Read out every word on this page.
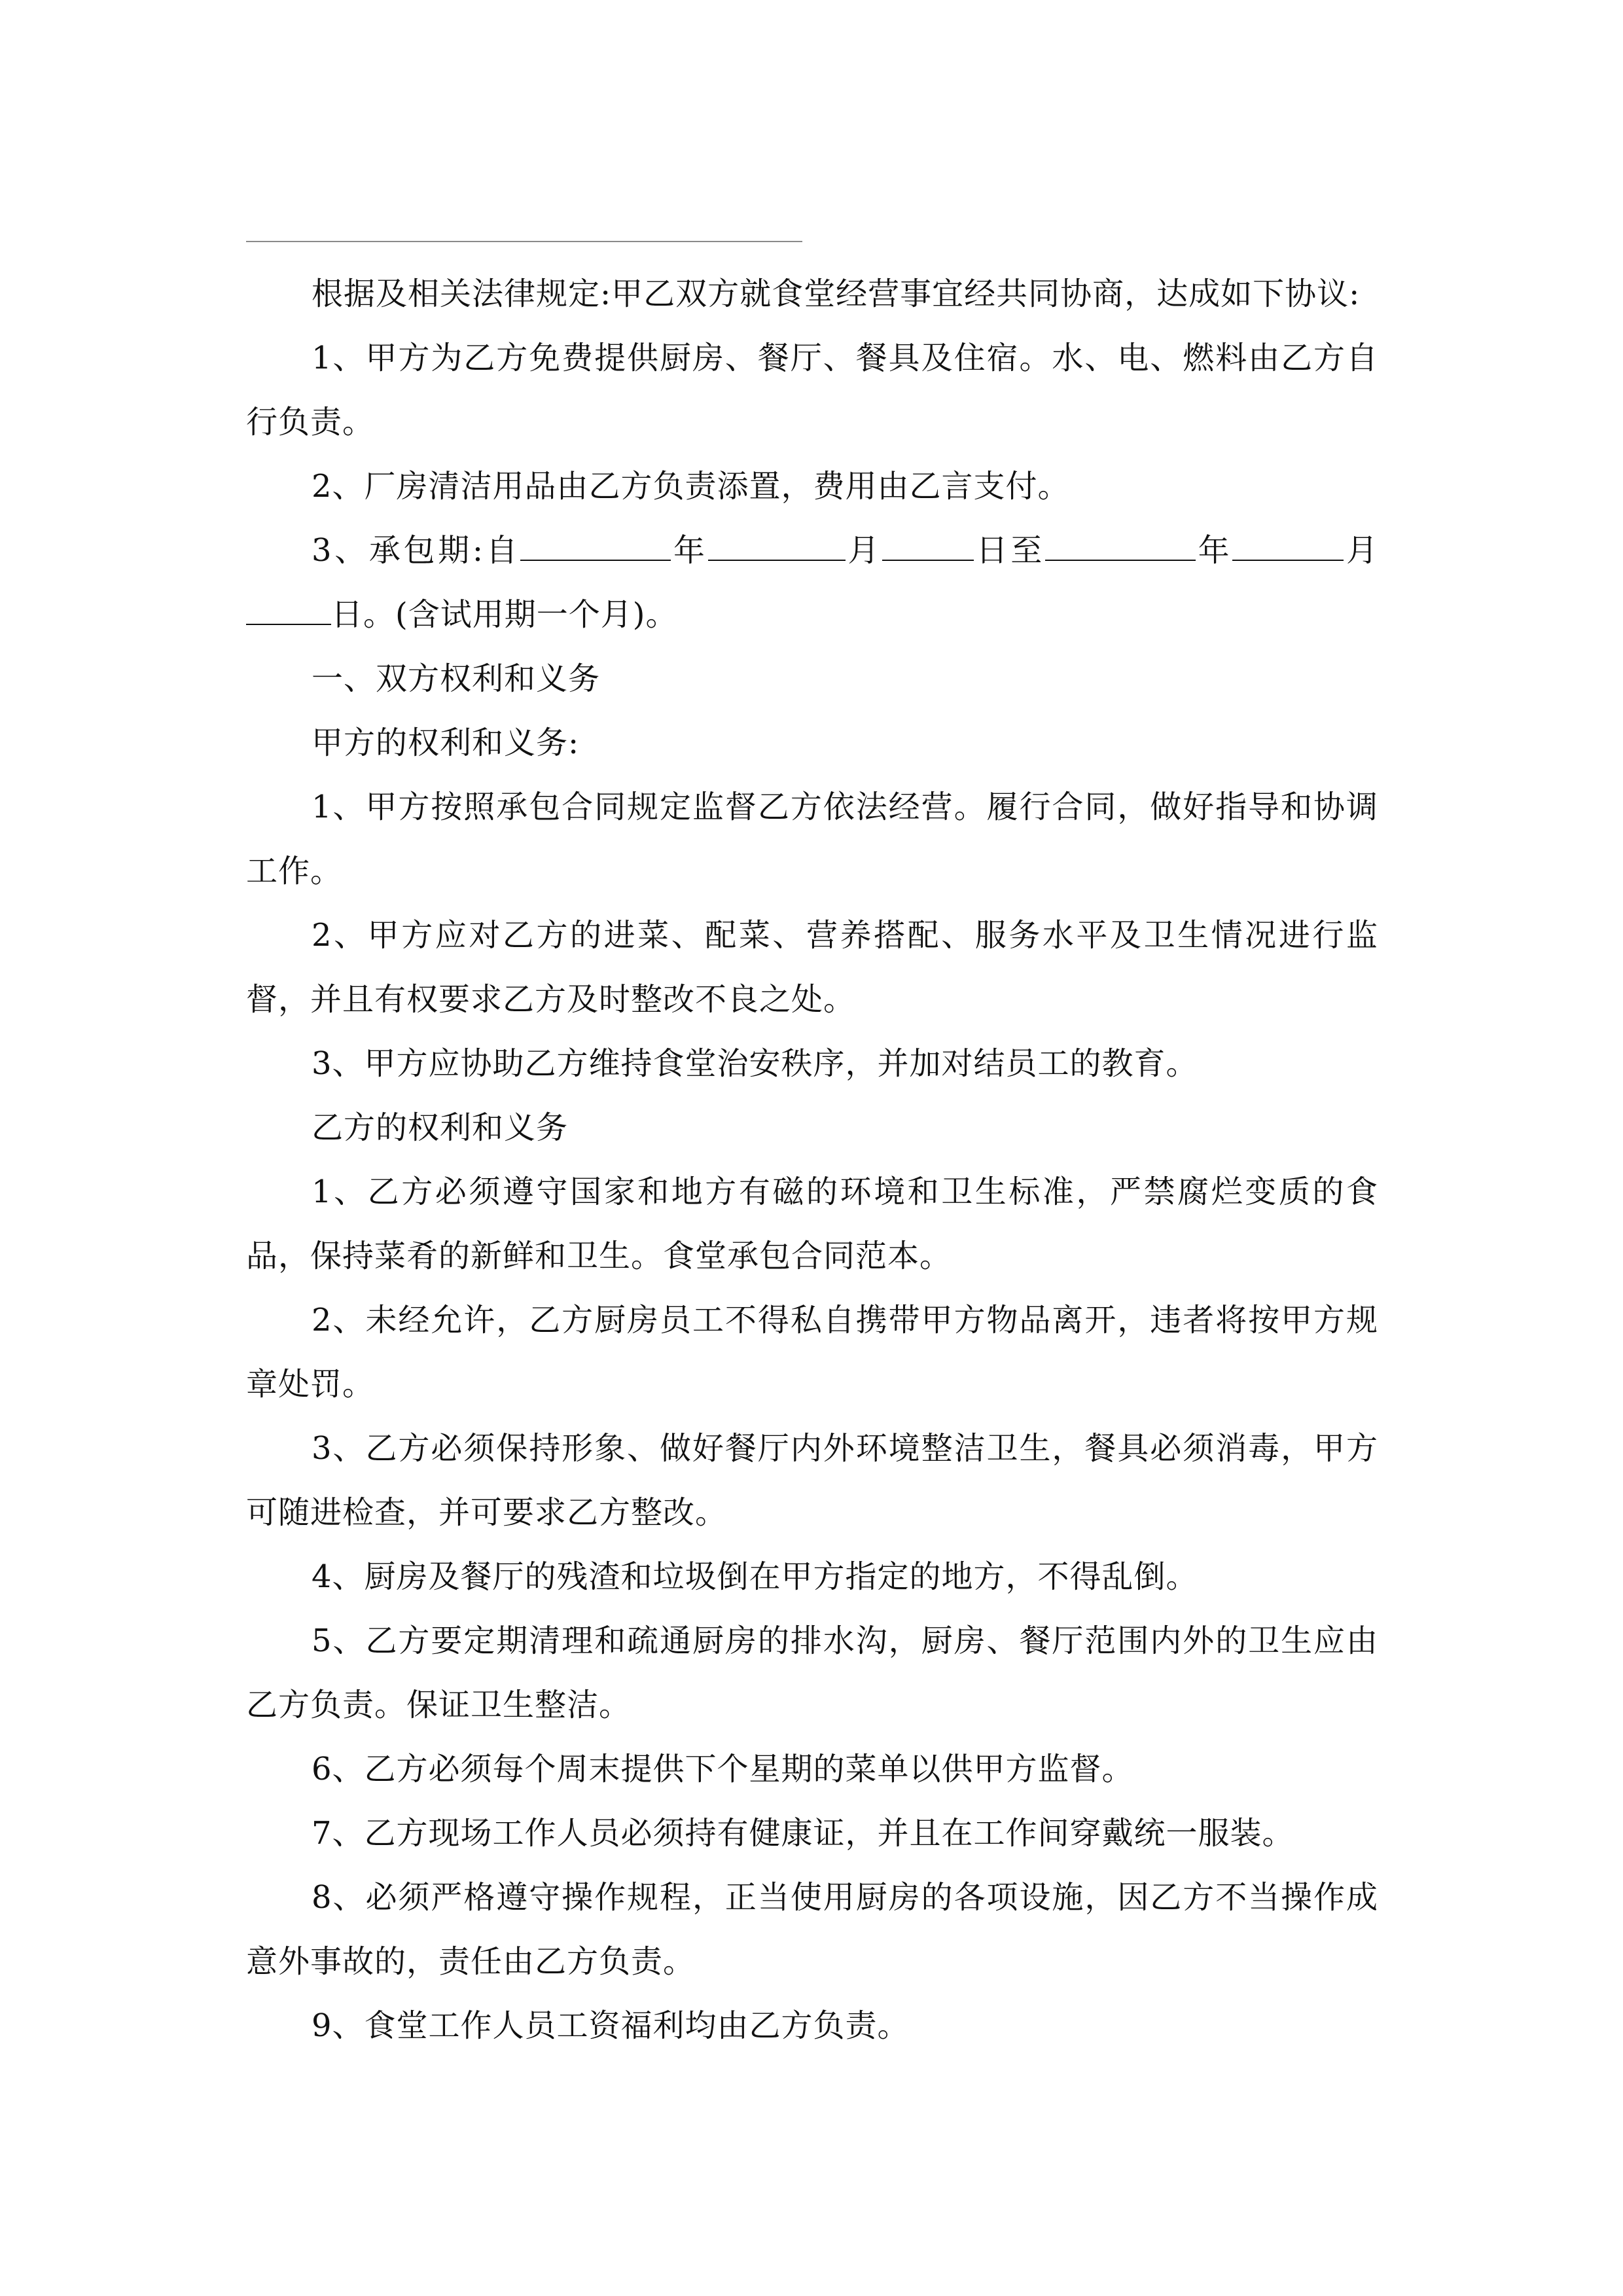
根据及相关法律规定:甲乙双方就食堂经营事宜经共同协商，达成如下协议:

1、甲方为乙方免费提供厨房、餐厅、餐具及住宿。水、电、燃料由乙方自行负责。

2、厂房清洁用品由乙方负责添置，费用由乙言支付。

3、承包期:自	年	月	日至	年	月日。(含试用期一个月)。

一、双方权利和义务

甲方的权利和义务:

1、甲方按照承包合同规定监督乙方依法经营。履行合同，做好指导和协调工作。

2、甲方应对乙方的进菜、配菜、营养搭配、服务水平及卫生情况进行监督，并且有权要求乙方及时整改不良之处。

3、甲方应协助乙方维持食堂治安秩序，并加对结员工的教育。

乙方的权利和义务

1、乙方必须遵守国家和地方有磁的环境和卫生标准，严禁腐烂变质的食品，保持菜肴的新鲜和卫生。食堂承包合同范本。

2、未经允许，乙方厨房员工不得私自携带甲方物品离开，违者将按甲方规章处罚。

3、乙方必须保持形象、做好餐厅内外环境整洁卫生，餐具必须消毒，甲方可随进检查，并可要求乙方整改。

4、厨房及餐厅的残渣和垃圾倒在甲方指定的地方，不得乱倒。

5、乙方要定期清理和疏通厨房的排水沟，厨房、餐厅范围内外的卫生应由乙方负责。保证卫生整洁。

6、乙方必须每个周末提供下个星期的菜单以供甲方监督。

7、乙方现场工作人员必须持有健康证，并且在工作间穿戴统一服装。

8、必须严格遵守操作规程，正当使用厨房的各项设施，因乙方不当操作成意外事故的，责任由乙方负责。

9、食堂工作人员工资福利均由乙方负责。
